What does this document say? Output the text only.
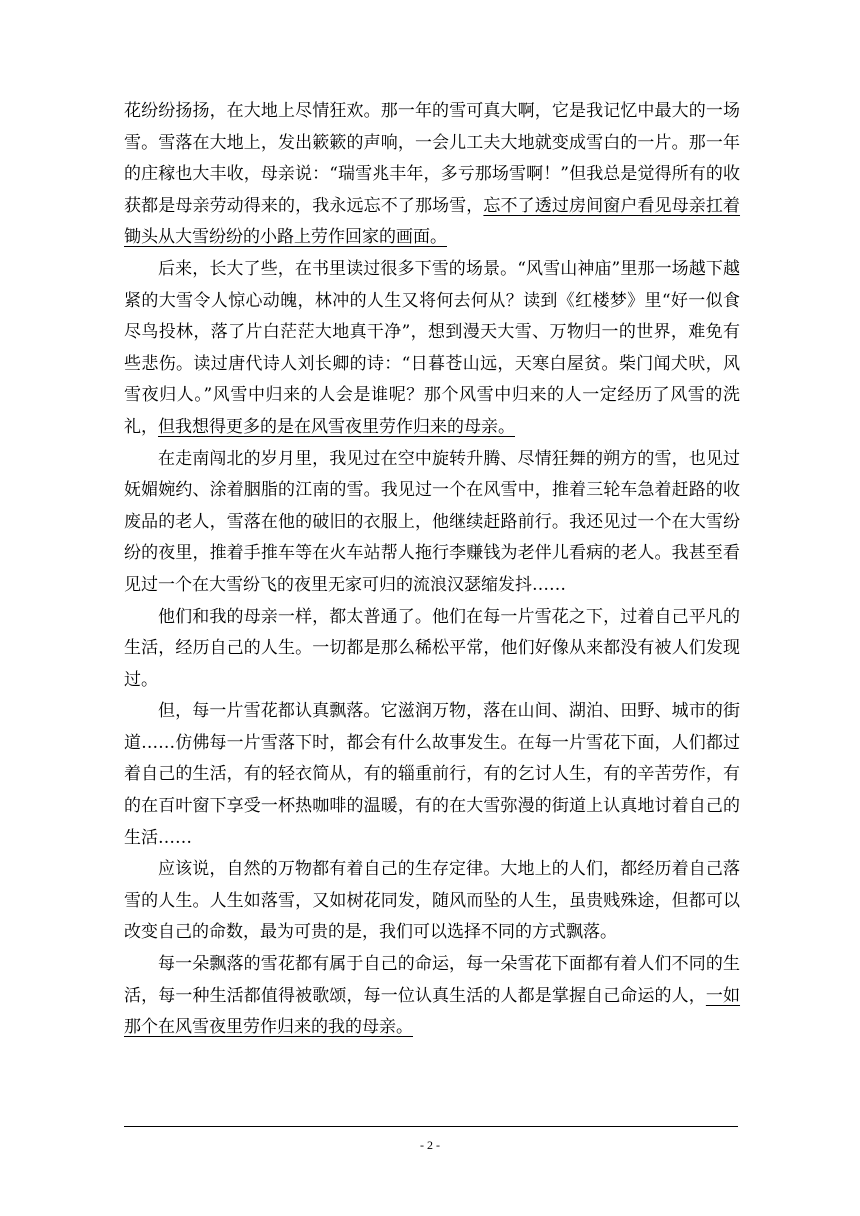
花纷纷扬扬，在大地上尽情狂欢。那一年的雪可真大啊，它是我记忆中最大的一场雪。雪落在大地上，发出簌簌的声响，一会儿工夫大地就变成雪白的一片。那一年的庄稼也大丰收，母亲说：“瑞雪兆丰年，多亏那场雪啊！”但我总是觉得所有的收获都是母亲劳动得来的，我永远忘不了那场雪，忘不了透过房间窗户看见母亲扛着锄头从大雪纷纷的小路上劳作回家的画面。

后来，长大了些，在书里读过很多下雪的场景。“风雪山神庙”里那一场越下越紧的大雪令人惊心动魄，林冲的人生又将何去何从？读到《红楼梦》里“好一似食尽鸟投林，落了片白茫茫大地真干净”，想到漫天大雪、万物归一的世界，难免有些悲伤。读过唐代诗人刘长卿的诗：“日暮苍山远，天寒白屋贫。柴门闻犬吠，风雪夜归人。”风雪中归来的人会是谁呢？那个风雪中归来的人一定经历了风雪的洗礼，但我想得更多的是在风雪夜里劳作归来的母亲。

在走南闯北的岁月里，我见过在空中旋转升腾、尽情狂舞的朔方的雪，也见过妩媚婉约、涂着胭脂的江南的雪。我见过一个在风雪中，推着三轮车急着赶路的收废品的老人，雪落在他的破旧的衣服上，他继续赶路前行。我还见过一个在大雪纷纷的夜里，推着手推车等在火车站帮人拖行李赚钱为老伴儿看病的老人。我甚至看见过一个在大雪纷飞的夜里无家可归的流浪汉瑟缩发抖……

他们和我的母亲一样，都太普通了。他们在每一片雪花之下，过着自己平凡的生活，经历自己的人生。一切都是那么稀松平常，他们好像从来都没有被人们发现过。

但，每一片雪花都认真飘落。它滋润万物，落在山间、湖泊、田野、城市的街道……仿佛每一片雪落下时，都会有什么故事发生。在每一片雪花下面，人们都过着自己的生活，有的轻衣简从，有的辎重前行，有的乞讨人生，有的辛苦劳作，有的在百叶窗下享受一杯热咖啡的温暖，有的在大雪弥漫的街道上认真地讨着自己的生活……

应该说，自然的万物都有着自己的生存定律。大地上的人们，都经历着自己落雪的人生。人生如落雪，又如树花同发，随风而坠的人生，虽贵贱殊途，但都可以改变自己的命数，最为可贵的是，我们可以选择不同的方式飘落。

每一朵飘落的雪花都有属于自己的命运，每一朵雪花下面都有着人们不同的生活，每一种生活都值得被歌颂，每一位认真生活的人都是掌握自己命运的人，一如那个在风雪夜里劳作归来的我的母亲。

- 2 -
